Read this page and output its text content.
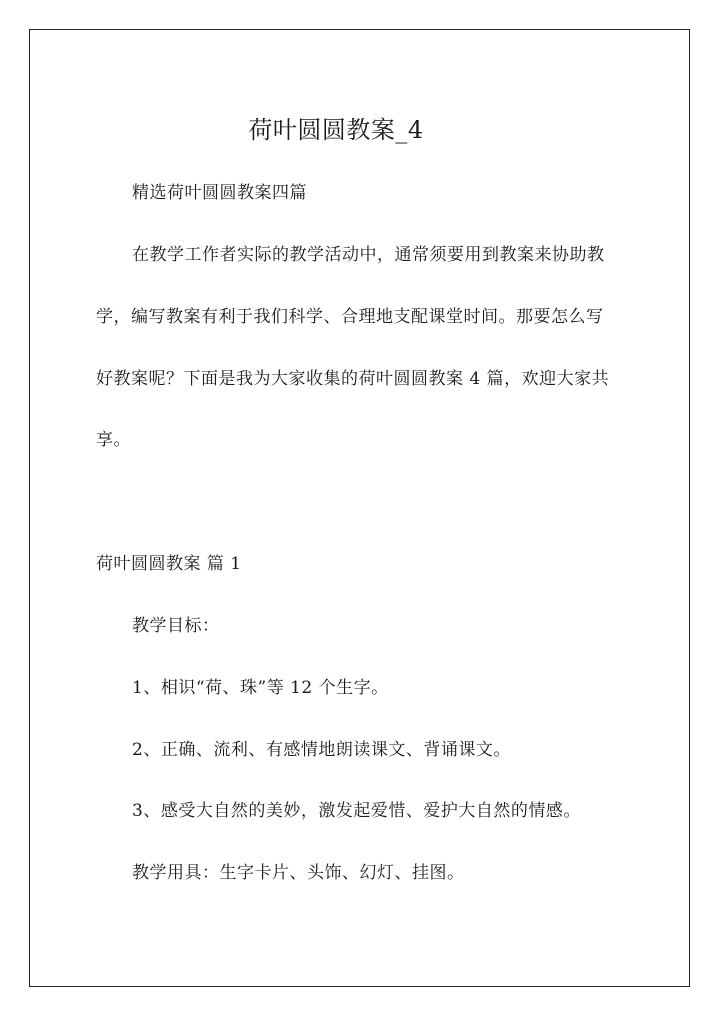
荷叶圆圆教案_4
精选荷叶圆圆教案四篇
在教学工作者实际的教学活动中，通常须要用到教案来协助教
学，编写教案有利于我们科学、合理地支配课堂时间。那要怎么写
好教案呢？下面是我为大家收集的荷叶圆圆教案 4 篇，欢迎大家共
享。
荷叶圆圆教案 篇 1
教学目标：
1、相识“荷、珠”等 12 个生字。
2、正确、流利、有感情地朗读课文、背诵课文。
3、感受大自然的美妙，激发起爱惜、爱护大自然的情感。
教学用具：生字卡片、头饰、幻灯、挂图。
